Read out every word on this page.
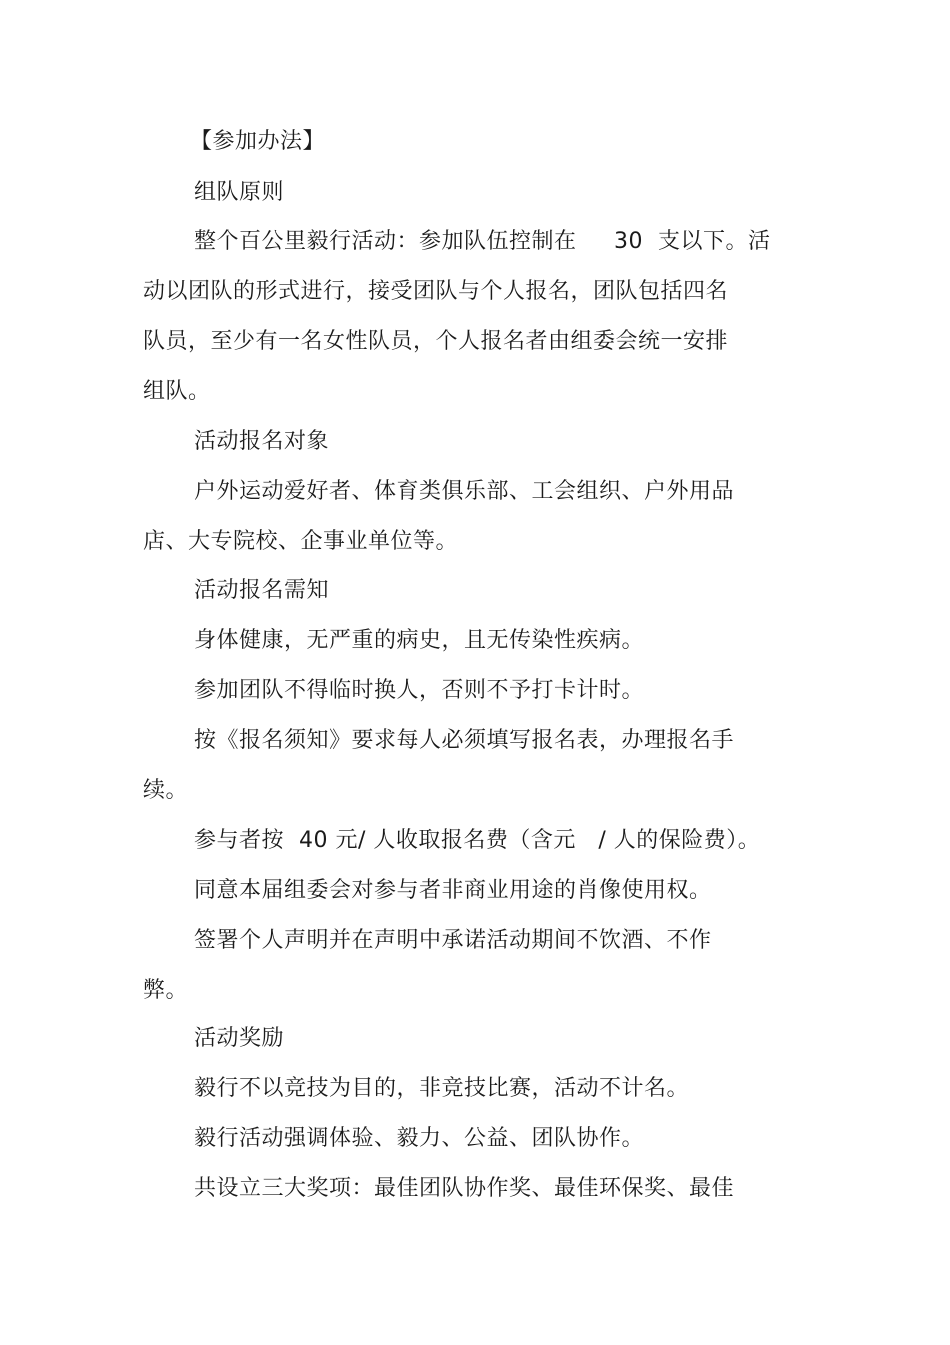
【参加办法】
组队原则
整个百公里毅行活动：参加队伍控制在     30  支以下。活
动以团队的形式进行，接受团队与个人报名，团队包括四名
队员，至少有一名女性队员，个人报名者由组委会统一安排
组队。
活动报名对象
户外运动爱好者、体育类俱乐部、工会组织、户外用品
店、大专院校、企事业单位等。
活动报名需知
身体健康，无严重的病史，且无传染性疾病。
参加团队不得临时换人，否则不予打卡计时。
按《报名须知》要求每人必须填写报名表，办理报名手
续。
参与者按  40 元/ 人收取报名费（含元   / 人的保险费）。
同意本届组委会对参与者非商业用途的肖像使用权。
签署个人声明并在声明中承诺活动期间不饮酒、不作
弊。
活动奖励
毅行不以竞技为目的，非竞技比赛，活动不计名。
毅行活动强调体验、毅力、公益、团队协作。
共设立三大奖项：最佳团队协作奖、最佳环保奖、最佳
